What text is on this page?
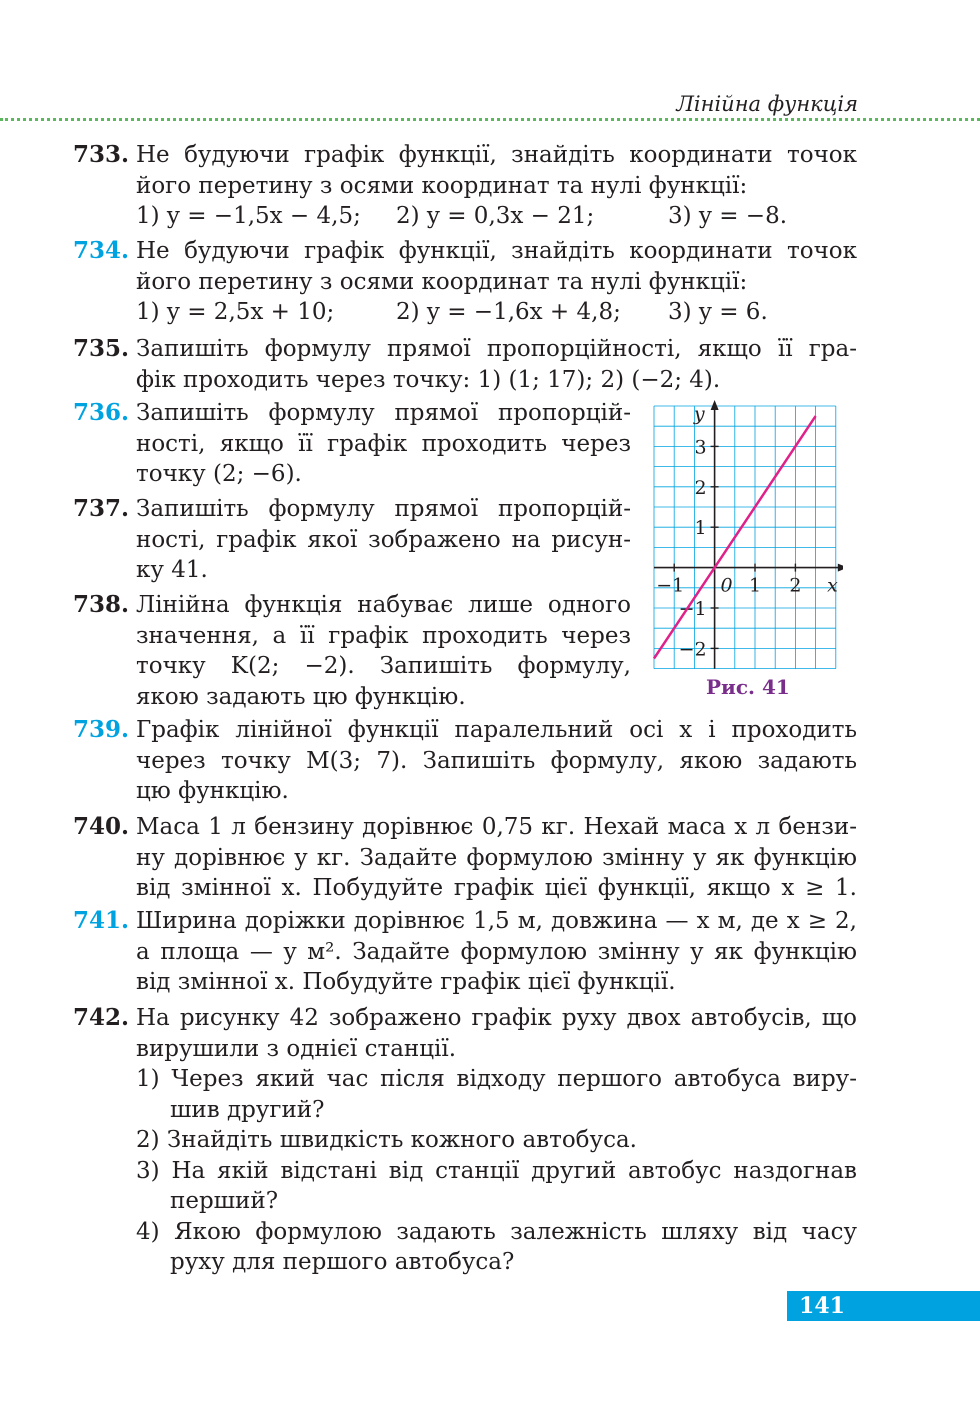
Лінійна функція
733. Не будуючи графік функції, знайдіть координати точок
його перетину з осями координат та нулі функції:
1) y = −1,5x − 4,5; 2) y = 0,3x − 21;	3) y = −8.
734. Не будуючи графік функції, знайдіть координати точок
його перетину з осями координат та нулі функції:
1) y = 2,5x + 10;	2) y = −1,6x + 4,8; 3) y = 6.
735. Запишіть формулу прямої пропорційності, якщо її гра-
фік проходить через точку: 1) (1; 17); 2) (−2; 4).
736. Запишіть формулу прямої пропорцій-
ності, якщо її графік проходить через
точку (2; −6).
737. Запишіть формулу прямої пропорцій-
ності, графік якої зображено на рисун-
ку 41.
738. Лінійна функція набуває лише одного
значення, а її графік проходить через
точку K(2; −2). Запишіть формулу,
якою задають цю функцію.
−1	1 2
3
2
1
−1
−2
0	x
y
Рис. 41
739. Графік лінійної функції паралельний осі x і проходить
через точку M(3; 7). Запишіть формулу, якою задають
цю функцію.
740. Маса 1 л бензину дорівнює 0,75 кг. Нехай маса x л бензи-
ну дорівнює y кг. Задайте формулою змінну y як функцію
від змінної x. Побудуйте графік цієї функції, якщо x ≥ 1.
741. Ширина доріжки дорівнює 1,5 м, довжина — x м, де x ≥ 2,
а площа — y м². Задайте формулою змінну y як функцію
від змінної x. Побудуйте графік цієї функції.
742. На рисунку 42 зображено графік руху двох автобусів, що
вирушили з однієї станції.
1) Через який час після відходу першого автобуса виру-
шив другий?
2) Знайдіть швидкість кожного автобуса.
3) На якій відстані від станції другий автобус наздогнав
перший?
4) Якою формулою задають залежність шляху від часу
руху для першого автобуса?
141
